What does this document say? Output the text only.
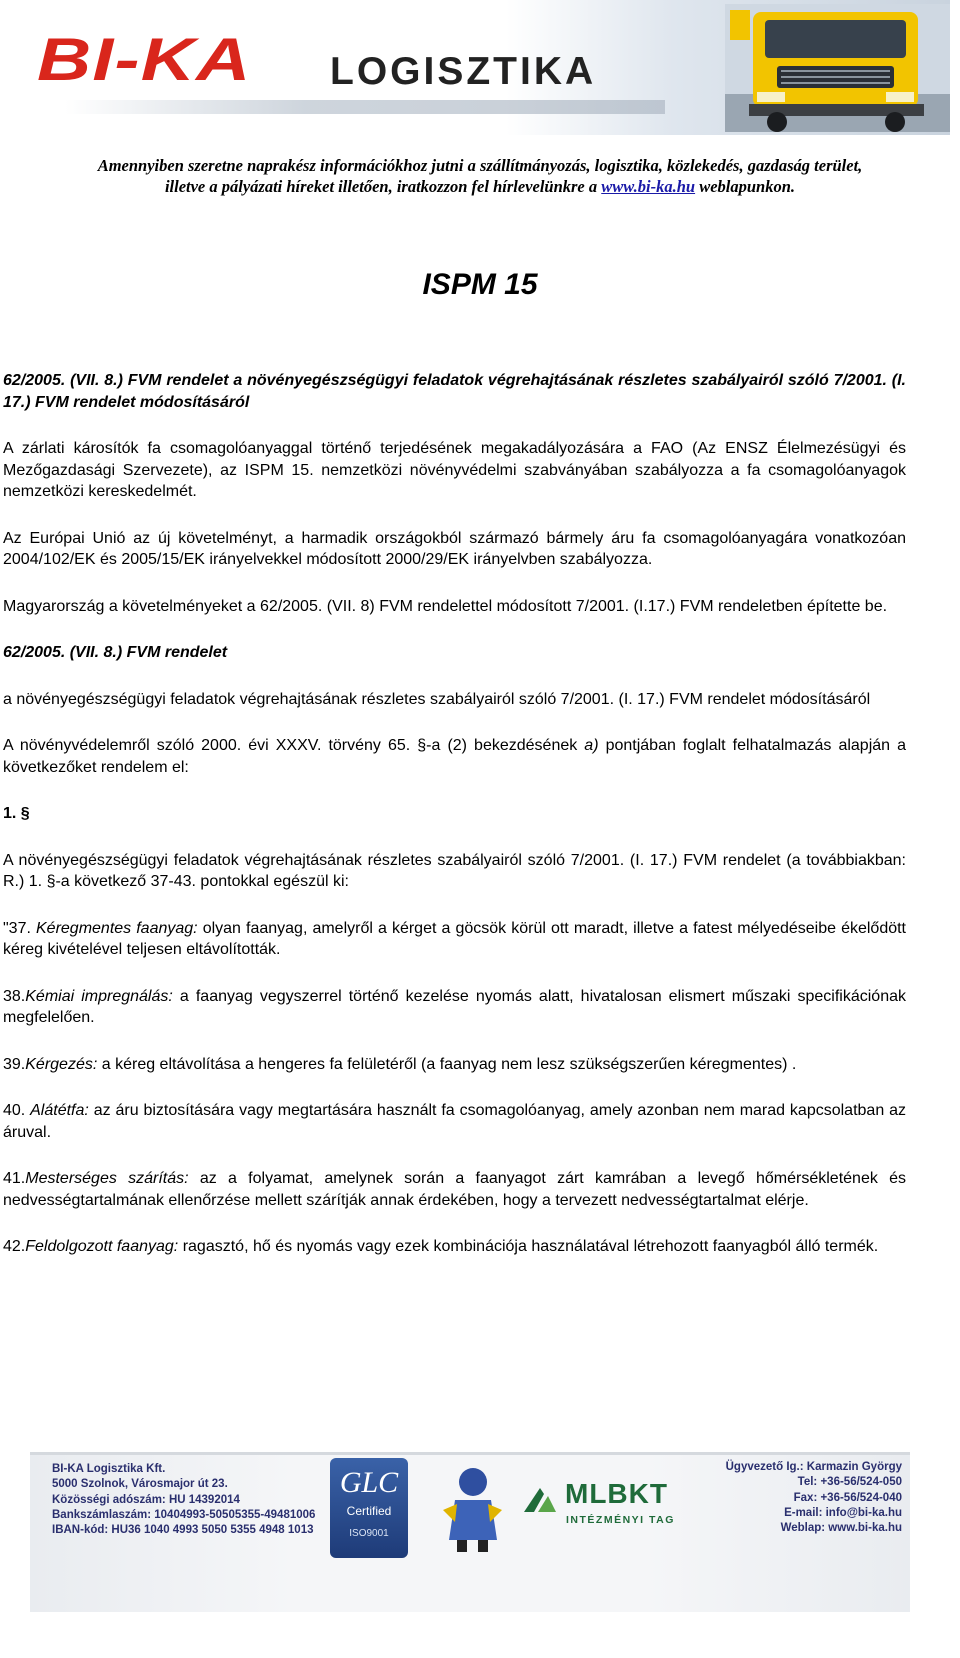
BI-KA LOGISZTIKA
Amennyiben szeretne naprakész információkhoz jutni a szállítmányozás, logisztika, közlekedés, gazdaság terület,
illetve a pályázati híreket illetően, iratkozzon fel hírlevelünkre a www.bi-ka.hu weblapunkon.
ISPM 15

62/2005. (VII. 8.) FVM rendelet a növényegészségügyi feladatok végrehajtásának részletes szabályairól szóló 7/2001. (I. 17.) FVM rendelet módosításáról

A zárlati károsítók fa csomagolóanyaggal történő terjedésének megakadályozására a FAO (Az ENSZ Élelmezésügyi és Mezőgazdasági Szervezete), az ISPM 15. nemzetközi növényvédelmi szabványában szabályozza a fa csomagolóanyagok nemzetközi kereskedelmét.

Az Európai Unió az új követelményt, a harmadik országokból származó bármely áru fa csomagolóanyagára vonatkozóan 2004/102/EK és 2005/15/EK irányelvekkel módosított 2000/29/EK irányelvben szabályozza.

Magyarország a követelményeket a 62/2005. (VII. 8) FVM rendelettel módosított 7/2001. (I.17.) FVM rendeletben építette be.

62/2005. (VII. 8.) FVM rendelet

a növényegészségügyi feladatok végrehajtásának részletes szabályairól szóló 7/2001. (I. 17.) FVM rendelet módosításáról

A növényvédelemről szóló 2000. évi XXXV. törvény 65. §-a (2) bekezdésének a) pontjában foglalt felhatalmazás alapján a következőket rendelem el:

1. §

A növényegészségügyi feladatok végrehajtásának részletes szabályairól szóló 7/2001. (I. 17.) FVM rendelet (a továbbiakban: R.) 1. §-a következő 37-43. pontokkal egészül ki:

"37. Kéregmentes faanyag: olyan faanyag, amelyről a kérget a göcsök körül ott maradt, illetve a fatest mélyedéseibe ékelődött kéreg kivételével teljesen eltávolították.

38.Kémiai impregnálás: a faanyag vegyszerrel történő kezelése nyomás alatt, hivatalosan elismert műszaki specifikációnak megfelelően.

39.Kérgezés: a kéreg eltávolítása a hengeres fa felületéről (a faanyag nem lesz szükségszerűen kéregmentes) .

40. Alátétfa: az áru biztosítására vagy megtartására használt fa csomagolóanyag, amely azonban nem marad kapcsolatban az áruval.

41.Mesterséges szárítás: az a folyamat, amelynek során a faanyagot zárt kamrában a levegő hőmérsékletének és nedvességtartalmának ellenőrzése mellett szárítják annak érdekében, hogy a tervezett nedvességtartalmat elérje.

42.Feldolgozott faanyag: ragasztó, hő és nyomás vagy ezek kombinációja használatával létrehozott faanyagból álló termék.

BI-KA Logisztika Kft.
5000 Szolnok, Városmajor út 23.
Közösségi adószám: HU 14392014
Bankszámlaszám: 10404993-50505355-49481006
IBAN-kód: HU36 1040 4993 5050 5355 4948 1013
GLC
Certified
ISO9001
MLBKT
INTÉZMÉNYI TAG
Ügyvezető Ig.: Karmazin György
Tel: +36-56/524-050
Fax: +36-56/524-040
E-mail: info@bi-ka.hu
Weblap: www.bi-ka.hu
